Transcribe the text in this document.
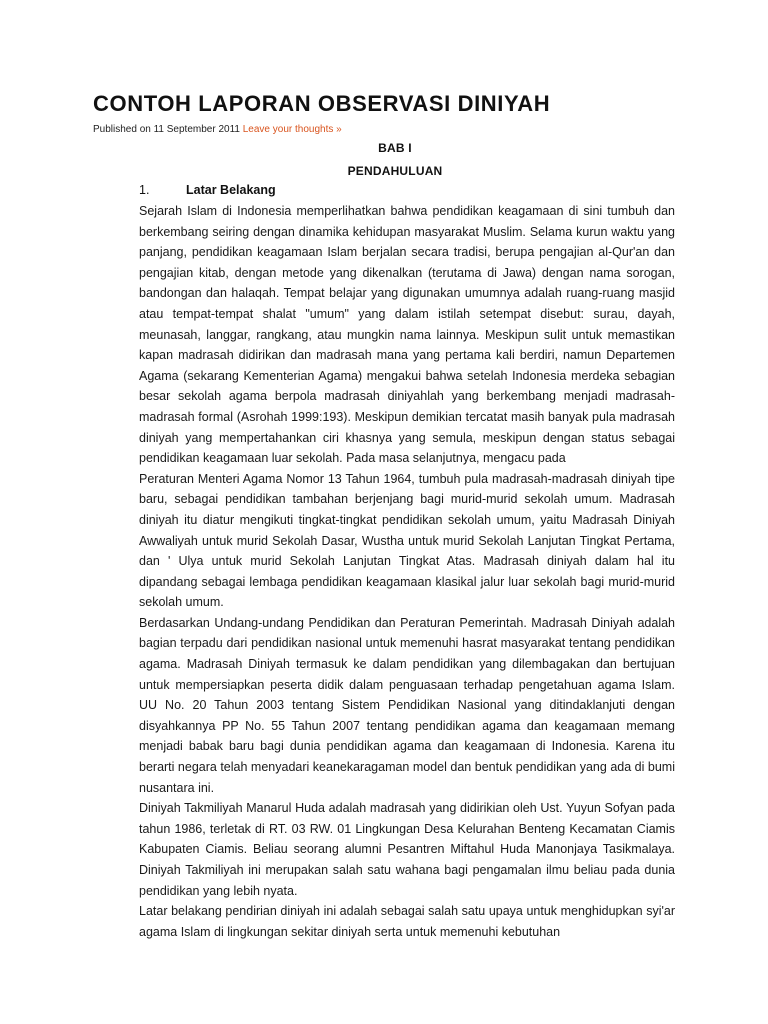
CONTOH LAPORAN OBSERVASI DINIYAH
Published on 11 September 2011 Leave your thoughts »
BAB I
PENDAHULUAN
1.	Latar Belakang

Sejarah Islam di Indonesia memperlihatkan bahwa pendidikan keagamaan di sini tumbuh dan berkembang seiring dengan dinamika kehidupan masyarakat Muslim. Selama kurun waktu yang panjang, pendidikan keagamaan Islam berjalan secara tradisi, berupa pengajian al-Qur'an dan pengajian kitab, dengan metode yang dikenalkan (terutama di Jawa) dengan nama sorogan, bandongan dan halaqah. Tempat belajar yang digunakan umumnya adalah ruang-ruang masjid atau tempat-tempat shalat "umum" yang dalam istilah setempat disebut: surau, dayah, meunasah, langgar, rangkang, atau mungkin nama lainnya. Meskipun sulit untuk memastikan kapan madrasah didirikan dan madrasah mana yang pertama kali berdiri, namun Departemen Agama (sekarang Kementerian Agama) mengakui bahwa setelah Indonesia merdeka sebagian besar sekolah agama berpola madrasah diniyahlah yang berkembang menjadi madrasah-madrasah formal (Asrohah 1999:193). Meskipun demikian tercatat masih banyak pula madrasah diniyah yang mempertahankan ciri khasnya yang semula, meskipun dengan status sebagai pendidikan keagamaan luar sekolah. Pada masa selanjutnya, mengacu pada

Peraturan Menteri Agama Nomor 13 Tahun 1964, tumbuh pula madrasah-madrasah diniyah tipe baru, sebagai pendidikan tambahan berjenjang bagi murid-murid sekolah umum. Madrasah diniyah itu diatur mengikuti tingkat-tingkat pendidikan sekolah umum, yaitu Madrasah Diniyah Awwaliyah untuk murid Sekolah Dasar, Wustha untuk murid Sekolah Lanjutan Tingkat Pertama, dan ' Ulya untuk murid Sekolah Lanjutan Tingkat Atas. Madrasah diniyah dalam hal itu dipandang sebagai lembaga pendidikan keagamaan klasikal jalur luar sekolah bagi murid-murid sekolah umum.

Berdasarkan Undang-undang Pendidikan dan Peraturan Pemerintah. Madrasah Diniyah adalah bagian terpadu dari pendidikan nasional untuk memenuhi hasrat masyarakat tentang pendidikan agama. Madrasah Diniyah termasuk ke dalam pendidikan yang dilembagakan dan bertujuan untuk mempersiapkan peserta didik dalam penguasaan terhadap pengetahuan agama Islam. UU No. 20 Tahun 2003 tentang Sistem Pendidikan Nasional yang ditindaklanjuti dengan disyahkannya PP No. 55 Tahun 2007 tentang pendidikan agama dan keagamaan memang menjadi babak baru bagi dunia pendidikan agama dan keagamaan di Indonesia. Karena itu berarti negara telah menyadari keanekaragaman model dan bentuk pendidikan yang ada di bumi nusantara ini.

Diniyah Takmiliyah Manarul Huda adalah madrasah yang didirikian oleh Ust. Yuyun Sofyan pada tahun 1986, terletak di RT. 03 RW. 01 Lingkungan Desa Kelurahan Benteng Kecamatan Ciamis Kabupaten Ciamis. Beliau seorang alumni Pesantren Miftahul Huda Manonjaya Tasikmalaya. Diniyah Takmiliyah ini merupakan salah satu wahana bagi pengamalan ilmu beliau pada dunia pendidikan yang lebih nyata.

Latar belakang pendirian diniyah ini adalah sebagai salah satu upaya untuk menghidupkan syi'ar agama Islam di lingkungan sekitar diniyah serta untuk memenuhi kebutuhan
